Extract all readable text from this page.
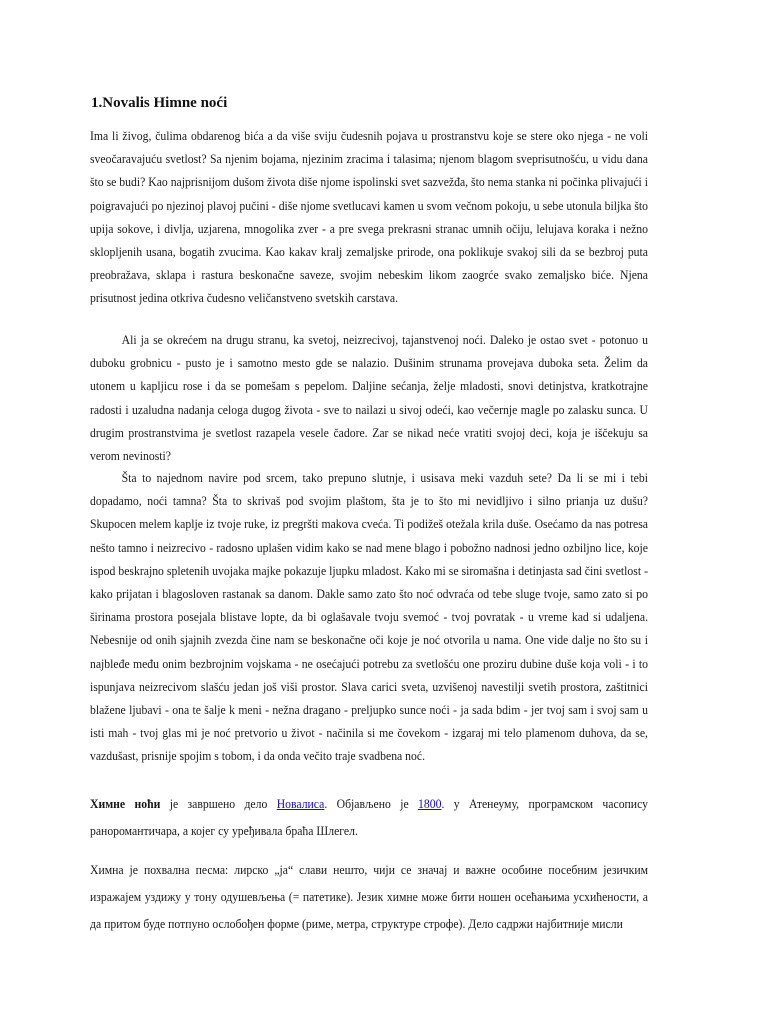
1.Novalis Himne noći

Ima li živog, čulima obdarenog bića a da više sviju čudesnih pojava u prostranstvu koje se stere oko njega - ne voli sveočaravajuću svetlost? Sa njenim bojama, njezinim zracima i talasima; njenom blagom sveprisutnošću, u vidu dana što se budi? Kao najprisnijom dušom života diše njome ispolinski svet sazvežđa, što nema stanka ni počinka plivajući i poigravajući po njezinoj plavoj pučini - diše njome svetlucavi kamen u svom večnom pokoju, u sebe utonula biljka što upija sokove, i divlja, uzjarena, mnogolika zver - a pre svega prekrasni stranac umnih očiju, lelujava koraka i nežno sklopljenih usana, bogatih zvucima. Kao kakav kralj zemaljske prirode, ona poklikuje svakoj sili da se bezbroj puta preobražava, sklapa i rastura beskonačne saveze, svojim nebeskim likom zaogrće svako zemaljsko biće. Njena prisutnost jedina otkriva čudesno veličanstveno svetskih carstava.

Ali ja se okrećem na drugu stranu, ka svetoj, neizrecivoj, tajanstvenoj noći. Daleko je ostao svet - potonuo u duboku grobnicu - pusto je i samotno mesto gde se nalazio. Dušinim strunama provejava duboka seta. Želim da utonem u kapljicu rose i da se pomešam s pepelom. Daljine sećanja, želje mladosti, snovi detinjstva, kratkotrajne radosti i uzaludna nadanja celoga dugog života - sve to nailazi u sivoj odeći, kao večernje magle po zalasku sunca. U drugim prostranstvima je svetlost razapela vesele čadore. Zar se nikad neće vratiti svojoj deci, koja je iščekuju sa verom nevinosti?

Šta to najednom navire pod srcem, tako prepuno slutnje, i usisava meki vazduh sete? Da li se mi i tebi dopadamo, noći tamna? Šta to skrivaš pod svojim plaštom, šta je to što mi nevidljivo i silno prianja uz dušu? Skupocen melem kaplje iz tvoje ruke, iz pregršti makova cveća. Ti podižeš otežala krila duše. Osećamo da nas potresa nešto tamno i neizrecivo - radosno uplašen vidim kako se nad mene blago i pobožno nadnosi jedno ozbiljno lice, koje ispod beskrajno spletenih uvojaka majke pokazuje ljupku mladost. Kako mi se siromašna i detinjasta sad čini svetlost - kako prijatan i blagosloven rastanak sa danom. Dakle samo zato što noć odvraća od tebe sluge tvoje, samo zato si po širinama prostora posejala blistave lopte, da bi oglašavale tvoju svemoć - tvoj povratak - u vreme kad si udaljena. Nebesnije od onih sjajnih zvezda čine nam se beskonačne oči koje je noć otvorila u nama. One vide dalje no što su i najbleđe među onim bezbrojnim vojskama - ne osećajući potrebu za svetlošću one proziru dubine duše koja voli - i to ispunjava neizrecivom slašću jedan još viši prostor. Slava carici sveta, uzvišenoj navestilji svetih prostora, zaštitnici blažene ljubavi - ona te šalje k meni - nežna dragano - preljupko sunce noći - ja sada bdim - jer tvoj sam i svoj sam u isti mah - tvoj glas mi je noć pretvorio u život - načinila si me čovekom - izgaraj mi telo plamenom duhova, da se, vazdušast, prisnije spojim s tobom, i da onda večito traje svadbena noć.

Химне ноћи је завршено дело Новалиса. Објављено је 1800. у Атенеуму, програмском часопису раноромантичара, а којег су уређивала браћа Шлегел.

Химна је похвална песма: лирско „ја“ слави нешто, чији се значај и важне особине посебним језичким изражајем уздижу у тону одушевљења (= патетике). Језик химне може бити ношен осећањима усхићености, а да притом буде потпуно ослобођен форме (риме, метра, структуре строфе). Дело садржи најбитније мисли
